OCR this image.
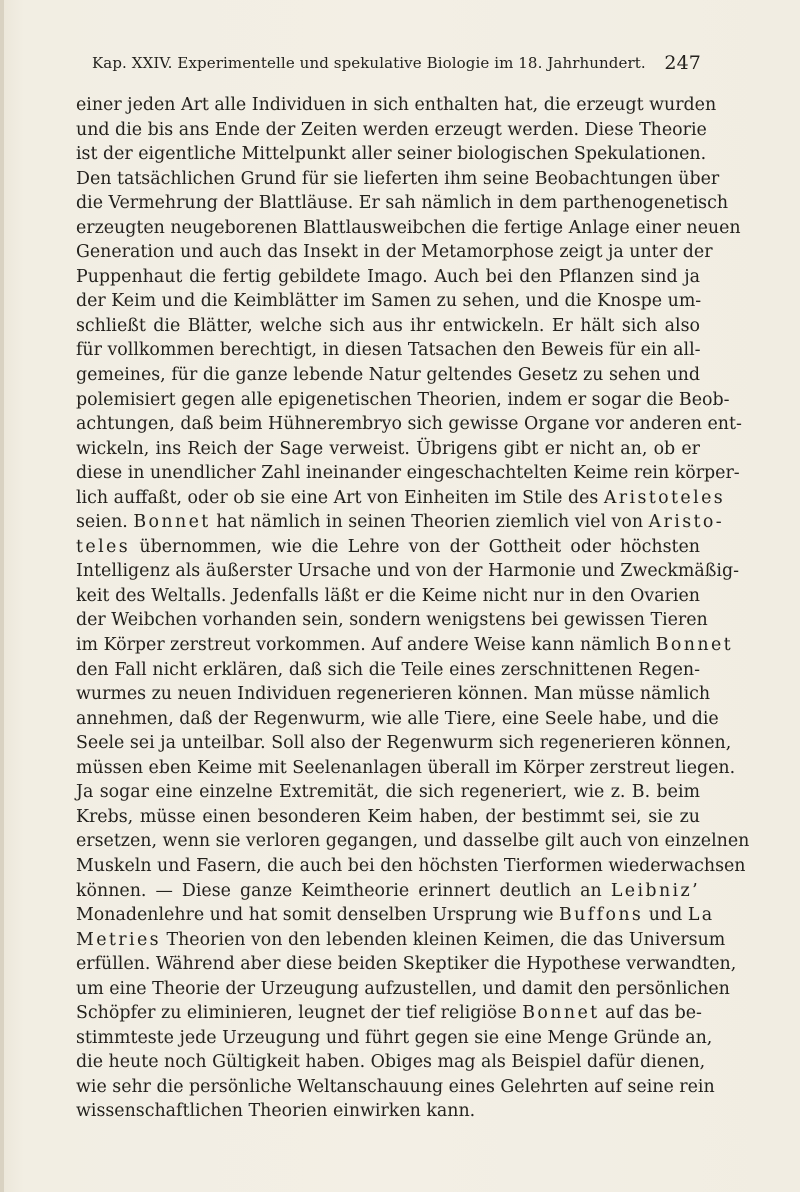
Kap. XXIV. Experimentelle und spekulative Biologie im 18. Jahrhundert. 247
einer jeden Art alle Individuen in sich enthalten hat, die erzeugt wurden
und die bis ans Ende der Zeiten werden erzeugt werden. Diese Theorie
ist der eigentliche Mittelpunkt aller seiner biologischen Spekulationen.
Den tatsächlichen Grund für sie lieferten ihm seine Beobachtungen über
die Vermehrung der Blattläuse. Er sah nämlich in dem parthenogenetisch
erzeugten neugeborenen Blattlausweibchen die fertige Anlage einer neuen
Generation und auch das Insekt in der Metamorphose zeigt ja unter der
Puppenhaut die fertig gebildete Imago. Auch bei den Pflanzen sind ja
der Keim und die Keimblätter im Samen zu sehen, und die Knospe um-
schließt die Blätter, welche sich aus ihr entwickeln. Er hält sich also
für vollkommen berechtigt, in diesen Tatsachen den Beweis für ein all-
gemeines, für die ganze lebende Natur geltendes Gesetz zu sehen und
polemisiert gegen alle epigenetischen Theorien, indem er sogar die Beob-
achtungen, daß beim Hühnerembryo sich gewisse Organe vor anderen ent-
wickeln, ins Reich der Sage verweist. Übrigens gibt er nicht an, ob er
diese in unendlicher Zahl ineinander eingeschachtelten Keime rein körper-
lich auffaßt, oder ob sie eine Art von Einheiten im Stile des Aristoteles
seien. Bonnet hat nämlich in seinen Theorien ziemlich viel von Aristo-
teles übernommen, wie die Lehre von der Gottheit oder höchsten
Intelligenz als äußerster Ursache und von der Harmonie und Zweckmäßig-
keit des Weltalls. Jedenfalls läßt er die Keime nicht nur in den Ovarien
der Weibchen vorhanden sein, sondern wenigstens bei gewissen Tieren
im Körper zerstreut vorkommen. Auf andere Weise kann nämlich Bonnet
den Fall nicht erklären, daß sich die Teile eines zerschnittenen Regen-
wurmes zu neuen Individuen regenerieren können. Man müsse nämlich
annehmen, daß der Regenwurm, wie alle Tiere, eine Seele habe, und die
Seele sei ja unteilbar. Soll also der Regenwurm sich regenerieren können,
müssen eben Keime mit Seelenanlagen überall im Körper zerstreut liegen.
Ja sogar eine einzelne Extremität, die sich regeneriert, wie z. B. beim
Krebs, müsse einen besonderen Keim haben, der bestimmt sei, sie zu
ersetzen, wenn sie verloren gegangen, und dasselbe gilt auch von einzelnen
Muskeln und Fasern, die auch bei den höchsten Tierformen wiederwachsen
können. — Diese ganze Keimtheorie erinnert deutlich an Leibniz’
Monadenlehre und hat somit denselben Ursprung wie Buffons und La
Metries Theorien von den lebenden kleinen Keimen, die das Universum
erfüllen. Während aber diese beiden Skeptiker die Hypothese verwandten,
um eine Theorie der Urzeugung aufzustellen, und damit den persönlichen
Schöpfer zu eliminieren, leugnet der tief religiöse Bonnet auf das be-
stimmteste jede Urzeugung und führt gegen sie eine Menge Gründe an,
die heute noch Gültigkeit haben. Obiges mag als Beispiel dafür dienen,
wie sehr die persönliche Weltanschauung eines Gelehrten auf seine rein
wissenschaftlichen Theorien einwirken kann.
